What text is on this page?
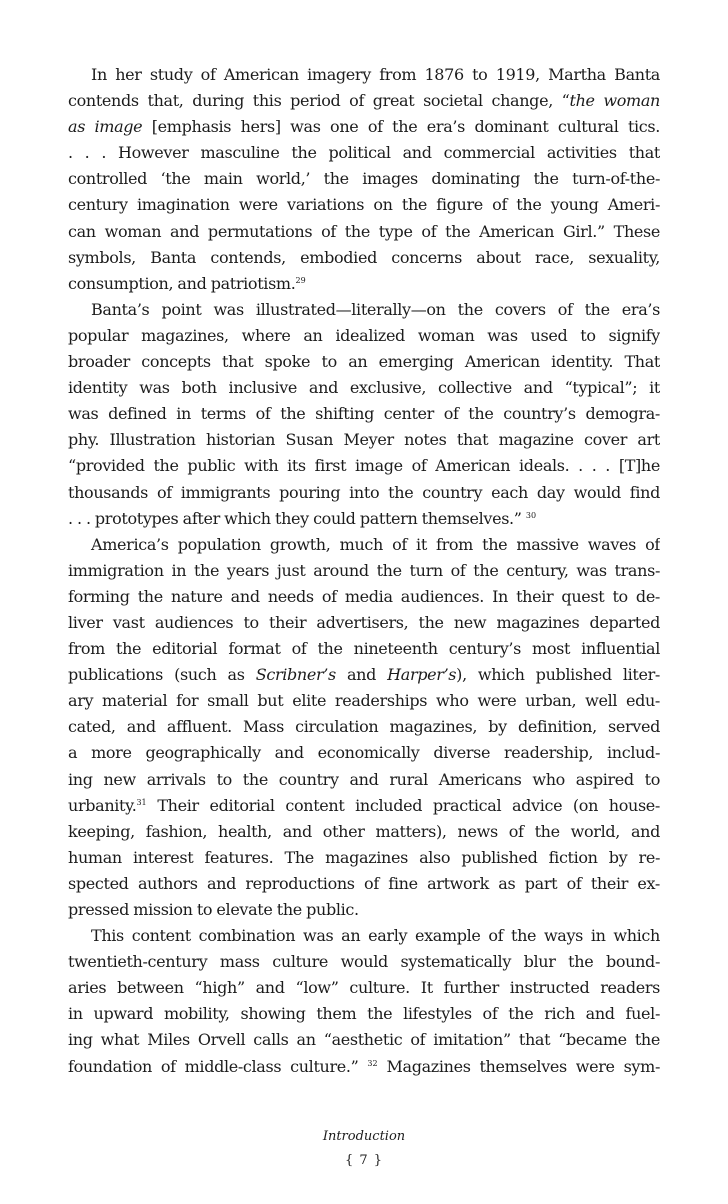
In her study of American imagery from 1876 to 1919, Martha Banta
contends that, during this period of great societal change, “the woman
as image [emphasis hers] was one of the era’s dominant cultural tics.
. . . However masculine the political and commercial activities that
controlled ‘the main world,’ the images dominating the turn-of-the-
century imagination were variations on the figure of the young Ameri-
can woman and permutations of the type of the American Girl.” These
symbols, Banta contends, embodied concerns about race, sexuality,
consumption, and patriotism.$^{29}$
Banta’s point was illustrated—literally—on the covers of the era’s
popular magazines, where an idealized woman was used to signify
broader concepts that spoke to an emerging American identity. That
identity was both inclusive and exclusive, collective and “typical”; it
was defined in terms of the shifting center of the country’s demogra-
phy. Illustration historian Susan Meyer notes that magazine cover art
“provided the public with its first image of American ideals. . . . [T]he
thousands of immigrants pouring into the country each day would find
. . . prototypes after which they could pattern themselves.” $^{30}$
America’s population growth, much of it from the massive waves of
immigration in the years just around the turn of the century, was trans-
forming the nature and needs of media audiences. In their quest to de-
liver vast audiences to their advertisers, the new magazines departed
from the editorial format of the nineteenth century’s most influential
publications (such as Scribner’s and Harper’s), which published liter-
ary material for small but elite readerships who were urban, well edu-
cated, and affluent. Mass circulation magazines, by definition, served
a more geographically and economically diverse readership, includ-
ing new arrivals to the country and rural Americans who aspired to
urbanity.$^{31}$ Their editorial content included practical advice (on house-
keeping, fashion, health, and other matters), news of the world, and
human interest features. The magazines also published fiction by re-
spected authors and reproductions of fine artwork as part of their ex-
pressed mission to elevate the public.
This content combination was an early example of the ways in which
twentieth-century mass culture would systematically blur the bound-
aries between “high” and “low” culture. It further instructed readers
in upward mobility, showing them the lifestyles of the rich and fuel-
ing what Miles Orvell calls an “aesthetic of imitation” that “became the
foundation of middle-class culture.” $^{32}$ Magazines themselves were sym-
Introduction
{ 7 }
